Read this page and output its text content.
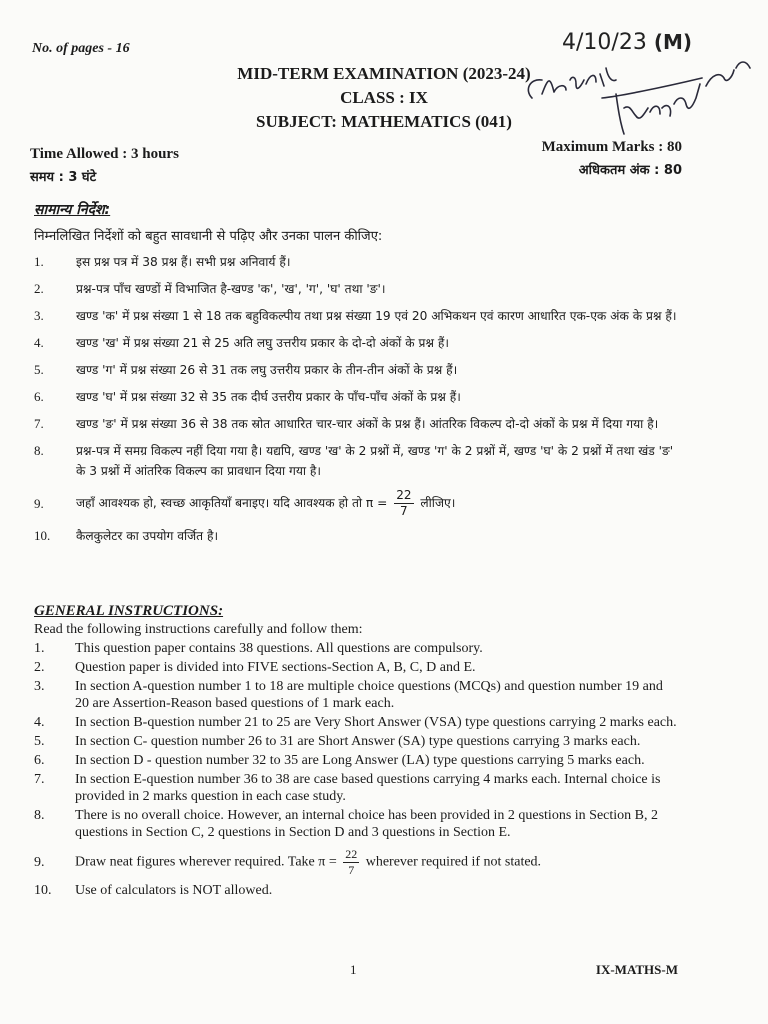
No. of pages - 16	4/10/23 (M)
MID-TERM EXAMINATION (2023-24)
CLASS : IX
SUBJECT: MATHEMATICS (041)
Time Allowed : 3 hours
समय : 3 घंटे
Maximum Marks : 80
अधिकतम अंक : 80
सामान्य निर्देश:
निम्नलिखित निर्देशों को बहुत सावधानी से पढ़िए और उनका पालन कीजिए:
1.	इस प्रश्न पत्र में 38 प्रश्न हैं। सभी प्रश्न अनिवार्य हैं।
2.	प्रश्न-पत्र पाँच खण्डों में विभाजित है-खण्ड 'क', 'ख', 'ग', 'घ' तथा 'ङ'।
3.	खण्ड 'क' में प्रश्न संख्या 1 से 18 तक बहुविकल्पीय तथा प्रश्न संख्या 19 एवं 20 अभिकथन एवं कारण आधारित एक-एक अंक के प्रश्न हैं।
4.	खण्ड 'ख' में प्रश्न संख्या 21 से 25 अति लघु उत्तरीय प्रकार के दो-दो अंकों के प्रश्न हैं।
5.	खण्ड 'ग' में प्रश्न संख्या 26 से 31 तक लघु उत्तरीय प्रकार के तीन-तीन अंकों के प्रश्न हैं।
6.	खण्ड 'घ' में प्रश्न संख्या 32 से 35 तक दीर्घ उत्तरीय प्रकार के पाँच-पाँच अंकों के प्रश्न हैं।
7.	खण्ड 'ङ' में प्रश्न संख्या 36 से 38 तक स्रोत आधारित चार-चार अंकों के प्रश्न हैं। आंतरिक विकल्प दो-दो अंकों के प्रश्न में दिया गया है।
8.	प्रश्न-पत्र में समग्र विकल्प नहीं दिया गया है। यद्यपि, खण्ड 'ख' के 2 प्रश्नों में, खण्ड 'ग' के 2 प्रश्नों में, खण्ड 'घ' के 2 प्रश्नों में तथा खंड 'ङ' के 3 प्रश्नों में आंतरिक विकल्प का प्रावधान दिया गया है।
9.	जहाँ आवश्यक हो, स्वच्छ आकृतियाँ बनाइए। यदि आवश्यक हो तो $\pi = \frac{22}{7}$ लीजिए।
10.	कैलकुलेटर का उपयोग वर्जित है।
GENERAL INSTRUCTIONS:
Read the following instructions carefully and follow them:
1.	This question paper contains 38 questions. All questions are compulsory.
2.	Question paper is divided into FIVE sections-Section A, B, C, D and E.
3.	In section A-question number 1 to 18 are multiple choice questions (MCQs) and question number 19 and 20 are Assertion-Reason based questions of 1 mark each.
4.	In section B-question number 21 to 25 are Very Short Answer (VSA) type questions carrying 2 marks each.
5.	In section C- question number 26 to 31 are Short Answer (SA) type questions carrying 3 marks each.
6.	In section D - question number 32 to 35 are Long Answer (LA) type questions carrying 5 marks each.
7.	In section E-question number 36 to 38 are case based questions carrying 4 marks each. Internal choice is provided in 2 marks question in each case study.
8.	There is no overall choice. However, an internal choice has been provided in 2 questions in Section B, 2 questions in Section C, 2 questions in Section D and 3 questions in Section E.
9.	Draw neat figures wherever required. Take $\pi = \frac{22}{7}$ wherever required if not stated.
10.	Use of calculators is NOT allowed.
1	IX-MATHS-M
